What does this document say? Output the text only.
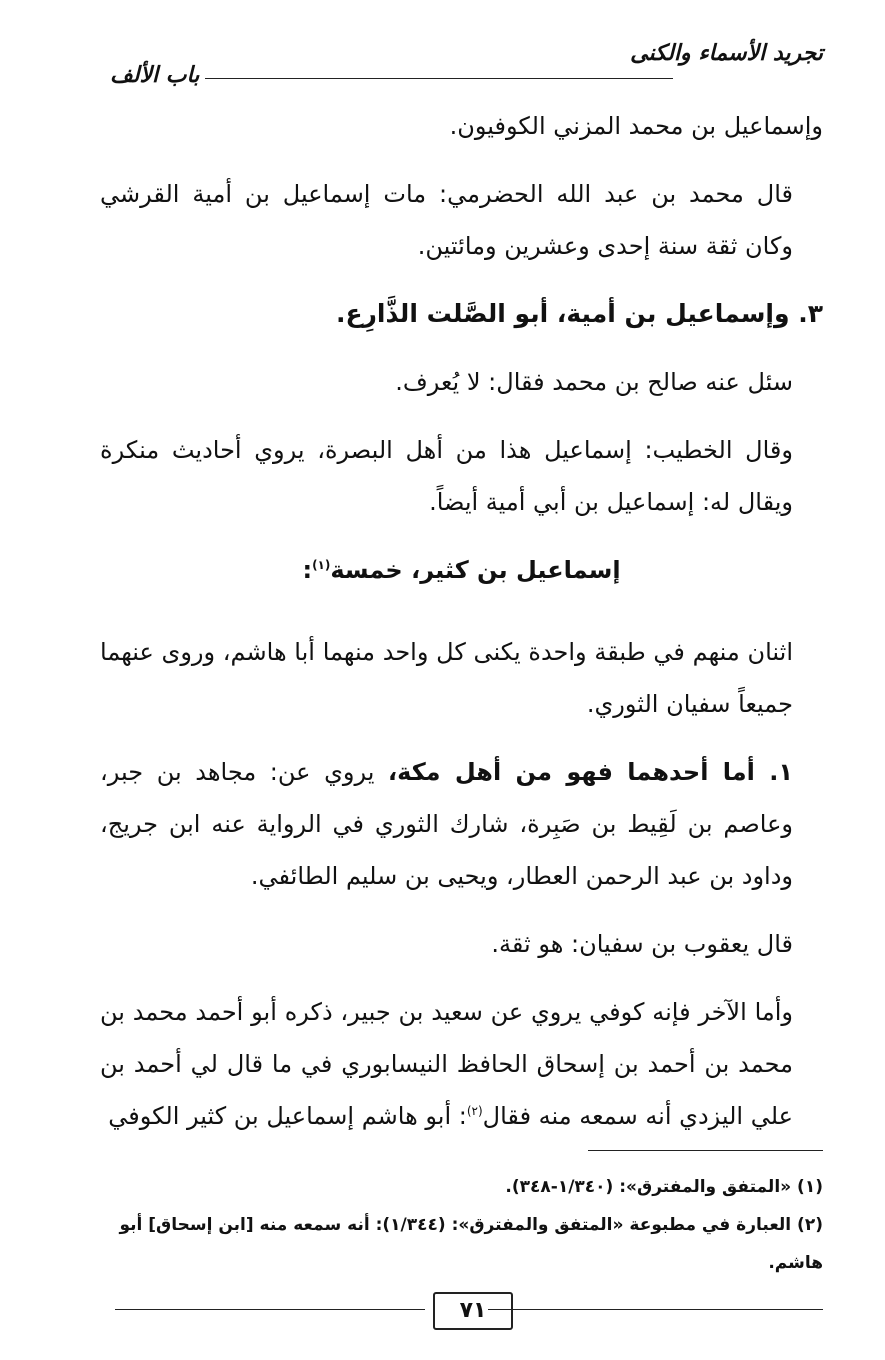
تجريد الأسماء والكنى
باب الألف

وإسماعيل بن محمد المزني الكوفيون.

قال محمد بن عبد الله الحضرمي: مات إسماعيل بن أمية القرشي وكان ثقة سنة إحدى وعشرين ومائتين.

٣. وإسماعيل بن أمية، أبو الصَّلت الذَّارِع.

سئل عنه صالح بن محمد فقال: لا يُعرف.

وقال الخطيب: إسماعيل هذا من أهل البصرة، يروي أحاديث منكرة ويقال له: إسماعيل بن أبي أمية أيضاً.

إسماعيل بن كثير، خمسة$^{(١)}$:

اثنان منهم في طبقة واحدة يكنى كل واحد منهما أبا هاشم، وروى عنهما جميعاً سفيان الثوري.

١. أما أحدهما فهو من أهل مكة، يروي عن: مجاهد بن جبر، وعاصم بن لَقِيط بن صَبِرة، شارك الثوري في الرواية عنه ابن جريج، وداود بن عبد الرحمن العطار، ويحيى بن سليم الطائفي.

قال يعقوب بن سفيان: هو ثقة.

وأما الآخر فإنه كوفي يروي عن سعيد بن جبير، ذكره أبو أحمد محمد بن محمد بن أحمد بن إسحاق الحافظ النيسابوري في ما قال لي أحمد بن علي اليزدي أنه سمعه منه فقال$^{(٢)}$: أبو هاشم إسماعيل بن كثير الكوفي

(١) «المتفق والمفترق»: (١/٣٤٠-٣٤٨).

(٢) العبارة في مطبوعة «المتفق والمفترق»: (١/٣٤٤): أنه سمعه منه [ابن إسحاق] أبو هاشم.

٧١
